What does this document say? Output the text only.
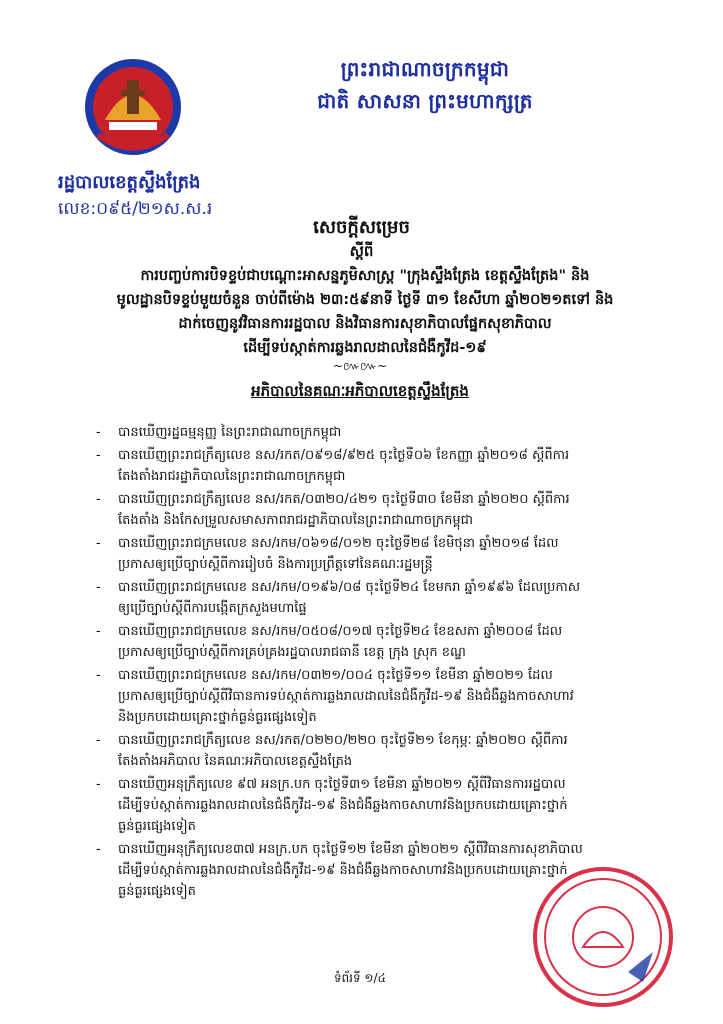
ព្រះរាជាណាចក្រកម្ពុជា
ជាតិ សាសនា ព្រះមហាក្សត្រ
រដ្ឋបាលខេត្តស្ទឹងត្រែង
លេខ:០៩៥/២១ស.ស.រ
សេចក្តីសម្រេច
ស្តីពី
ការបញ្ចប់ការបិទខ្ទប់ជាបណ្តោះអាសន្នភូមិសាស្ត្រ "ក្រុងស្ទឹងត្រែង ខេត្តស្ទឹងត្រែង" និង
មូលដ្ឋានបិទខ្ទប់មួយចំនួន ចាប់ពីម៉ោង ២៣:៥៩នាទី ថ្ងៃទី ៣១ ខែសីហា ឆ្នាំ២០២១តទៅ និង
ដាក់ចេញនូវវិធានការរដ្ឋបាល និងវិធានការសុខាភិបាលផ្នែកសុខាភិបាល
ដើម្បីទប់ស្កាត់ការឆ្លងរាលដាលនៃជំងឺកូវីដ-១៩
~៚៚~
អភិបាលនៃគណៈអភិបាលខេត្តស្ទឹងត្រែង
- បានឃើញរដ្ឋធម្មនុញ្ញ នៃព្រះរាជាណាចក្រកម្ពុជា
- បានឃើញព្រះរាជក្រឹត្យលេខ នស/រកត/០៩១៨/៩២៥ ចុះថ្ងៃទី០៦ ខែកញ្ញា ឆ្នាំ២០១៨ ស្តីពីការ
តែងតាំងរាជរដ្ឋាភិបាលនៃព្រះរាជាណាចក្រកម្ពុជា
- បានឃើញព្រះរាជក្រឹត្យលេខ នស/រកត/០៣២០/៤២១ ចុះថ្ងៃទី៣០ ខែមីនា ឆ្នាំ២០២០ ស្តីពីការ
តែងតាំង និងកែសម្រួលសមាសភាពរាជរដ្ឋាភិបាលនៃព្រះរាជាណាចក្រកម្ពុជា
- បានឃើញព្រះរាជក្រមលេខ នស/រកម/០៦១៨/០១២ ចុះថ្ងៃទី២៨ ខែមិថុនា ឆ្នាំ២០១៨ ដែល
ប្រកាសឲ្យប្រើច្បាប់ស្តីពីការរៀបចំ និងការប្រព្រឹត្តទៅនៃគណៈរដ្ឋមន្ត្រី
- បានឃើញព្រះរាជក្រមលេខ នស/រកម/០១៩៦/០៨ ចុះថ្ងៃទី២៤ ខែមករា ឆ្នាំ១៩៩៦ ដែលប្រកាស
ឲ្យប្រើច្បាប់ស្តីពីការបង្កើតក្រសួងមហាផ្ទៃ
- បានឃើញព្រះរាជក្រមលេខ នស/រកម/០៥០៨/០១៧ ចុះថ្ងៃទី២៤ ខែឧសភា ឆ្នាំ២០០៨ ដែល
ប្រកាសឲ្យប្រើច្បាប់ស្តីពីការគ្រប់គ្រងរដ្ឋបាលរាជធានី ខេត្ត ក្រុង ស្រុក ខណ្ឌ
- បានឃើញព្រះរាជក្រមលេខ នស/រកម/០៣២១/០០៤ ចុះថ្ងៃទី១១ ខែមីនា ឆ្នាំ២០២១ ដែល
ប្រកាសឲ្យប្រើច្បាប់ស្តីពីវិធានការទប់ស្កាត់ការឆ្លងរាលដាលនៃជំងឺកូវីដ-១៩ និងជំងឺឆ្លងកាចសាហាវ
និងប្រកបដោយគ្រោះថ្នាក់ធ្ងន់ធ្ងរផ្សេងទៀត
- បានឃើញព្រះរាជក្រឹត្យលេខ នស/រកត/០២២០/២២០ ចុះថ្ងៃទី២១ ខែកុម្ភៈ ឆ្នាំ២០២០ ស្តីពីការ
តែងតាំងអភិបាល នៃគណៈអភិបាលខេត្តស្ទឹងត្រែង
- បានឃើញអនុក្រឹត្យលេខ ៩៧ អនក្រ.បក ចុះថ្ងៃទី៣១ ខែមីនា ឆ្នាំ២០២១ ស្តីពីវិធានការរដ្ឋបាល
ដើម្បីទប់ស្កាត់ការឆ្លងរាលដាលនៃជំងឺកូវីដ-១៩ និងជំងឺឆ្លងកាចសាហាវនិងប្រកបដោយគ្រោះថ្នាក់
ធ្ងន់ធ្ងរផ្សេងទៀត
- បានឃើញអនុក្រឹត្យលេខ៣៧ អនក្រ.បក ចុះថ្ងៃទី១២ ខែមីនា ឆ្នាំ២០២១ ស្តីពីវិធានការសុខាភិបាល
ដើម្បីទប់ស្កាត់ការឆ្លងរាលដាលនៃជំងឺកូវីដ-១៩ និងជំងឺឆ្លងកាចសាហាវនិងប្រកបដោយគ្រោះថ្នាក់
ធ្ងន់ធ្ងរផ្សេងទៀត
ទំព័រទី ១/៤
